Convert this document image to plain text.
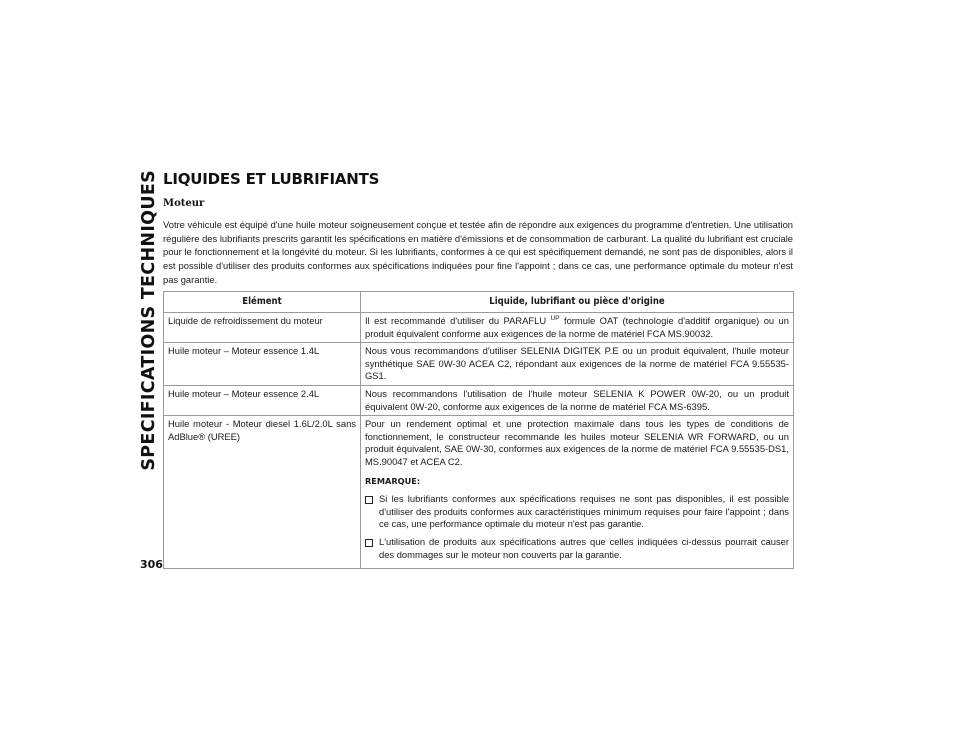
SPECIFICATIONS TECHNIQUES
306
LIQUIDES ET LUBRIFIANTS
Moteur

Votre véhicule est équipé d'une huile moteur soigneusement conçue et testée afin de répondre aux exigences du programme d'entretien. Une utilisation régulière des lubrifiants prescrits garantit les spécifications en matière d'émissions et de consommation de carburant. La qualité du lubrifiant est cruciale pour le fonctionnement et la longévité du moteur. Si les lubrifiants, conformes à ce qui est spécifiquement demandé, ne sont pas de disponibles, alors il est possible d'utiliser des produits conformes aux spécifications indiquées pour fine l'appoint ; dans ce cas, une performance optimale du moteur n'est pas garantie.

Elément	Liquide, lubrifiant ou pièce d'origine
Liquide de refroidissement du moteur	Il est recommandé d'utiliser du PARAFLU $^{UP}$ formule OAT (technologie d'additif organique) ou un produit équivalent conforme aux exigences de la norme de matériel FCA MS.90032.
Huile moteur – Moteur essence 1.4L	Nous vous recommandons d'utiliser SELENIA DIGITEK P.E ou un produit équivalent, l'huile moteur synthétique SAE 0W-30 ACEA C2, répondant aux exigences de la norme de matériel FCA 9.55535-GS1.
Huile moteur – Moteur essence 2.4L	Nous recommandons l'utilisation de l'huile moteur SELENIA K POWER 0W-20, ou un produit équivalent 0W-20, conforme aux exigences de la norme de matériel FCA MS-6395.
Huile moteur - Moteur diesel 1.6L/2.0L sans AdBlue® (UREE)	Pour un rendement optimal et une protection maximale dans tous les types de conditions de fonctionnement, le constructeur recommande les huiles moteur SELENIA WR FORWARD, ou un produit équivalent, SAE 0W-30, conformes aux exigences de la norme de matériel FCA 9.55535-DS1, MS.90047 et ACEA C2.

REMARQUE:

Si les lubrifiants conformes aux spécifications requises ne sont pas disponibles, il est possible d'utiliser des produits conformes aux caractéristiques minimum requises pour faire l'appoint ; dans ce cas, une performance optimale du moteur n'est pas garantie.
L'utilisation de produits aux spécifications autres que celles indiquées ci-dessus pourrait causer des dommages sur le moteur non couverts par la garantie.
